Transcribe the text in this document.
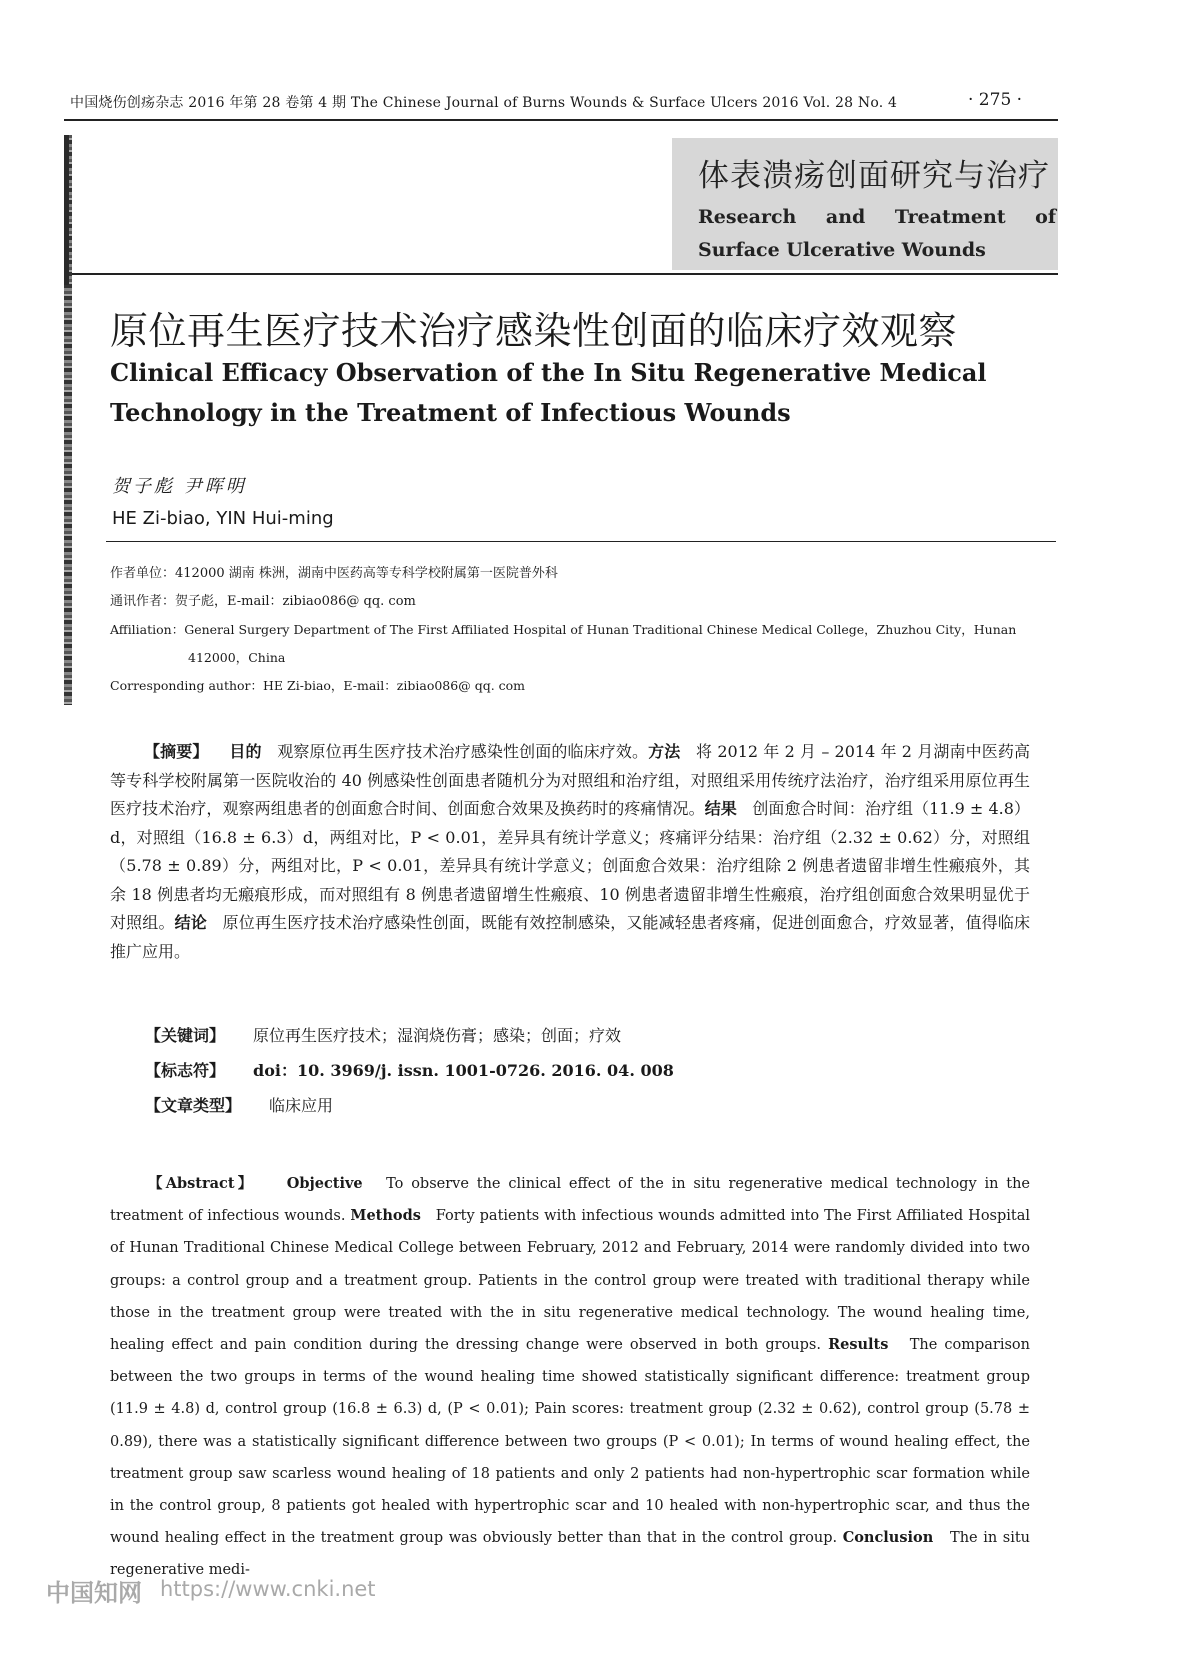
中国烧伤创疡杂志 2016 年第 28 卷第 4 期 The Chinese Journal of Burns Wounds & Surface Ulcers 2016 Vol. 28 No. 4	· 275 ·
体表溃疡创面研究与治疗
Research and Treatment of Surface Ulcerative Wounds
原位再生医疗技术治疗感染性创面的临床疗效观察
Clinical Efficacy Observation of the In Situ Regenerative Medical Technology in the Treatment of Infectious Wounds
贺子彪 尹晖明
HE Zi-biao, YIN Hui-ming
作者单位：412000 湖南 株洲，湖南中医药高等专科学校附属第一医院普外科
通讯作者：贺子彪，E-mail：zibiao086@ qq. com
Affiliation：General Surgery Department of The First Affiliated Hospital of Hunan Traditional Chinese Medical College，Zhuzhou City，Hunan
412000，China
Corresponding author：HE Zi-biao，E-mail：zibiao086@ qq. com
【摘要】 目的 观察原位再生医疗技术治疗感染性创面的临床疗效。方法 将 2012 年 2 月 – 2014 年 2 月湖南中医药高等专科学校附属第一医院收治的 40 例感染性创面患者随机分为对照组和治疗组，对照组采用传统疗法治疗，治疗组采用原位再生医疗技术治疗，观察两组患者的创面愈合时间、创面愈合效果及换药时的疼痛情况。结果 创面愈合时间：治疗组（11.9 ± 4.8）d，对照组（16.8 ± 6.3）d，两组对比，P < 0.01，差异具有统计学意义；疼痛评分结果：治疗组（2.32 ± 0.62）分，对照组（5.78 ± 0.89）分，两组对比，P < 0.01，差异具有统计学意义；创面愈合效果：治疗组除 2 例患者遗留非增生性瘢痕外，其余 18 例患者均无瘢痕形成，而对照组有 8 例患者遗留增生性瘢痕、10 例患者遗留非增生性瘢痕，治疗组创面愈合效果明显优于对照组。结论 原位再生医疗技术治疗感染性创面，既能有效控制感染，又能减轻患者疼痛，促进创面愈合，疗效显著，值得临床推广应用。
【关键词】 原位再生医疗技术；湿润烧伤膏；感染；创面；疗效
【标志符】 doi：10. 3969/j. issn. 1001-0726. 2016. 04. 008
【文章类型】 临床应用
【Abstract】 Objective To observe the clinical effect of the in situ regenerative medical technology in the treatment of infectious wounds. Methods Forty patients with infectious wounds admitted into The First Affiliated Hospital of Hunan Traditional Chinese Medical College between February, 2012 and February, 2014 were randomly divided into two groups: a control group and a treatment group. Patients in the control group were treated with traditional therapy while those in the treatment group were treated with the in situ regenerative medical technology. The wound healing time, healing effect and pain condition during the dressing change were observed in both groups. Results The comparison between the two groups in terms of the wound healing time showed statistically significant difference: treatment group (11.9 ± 4.8) d, control group (16.8 ± 6.3) d, (P < 0.01); Pain scores: treatment group (2.32 ± 0.62), control group (5.78 ± 0.89), there was a statistically significant difference between two groups (P < 0.01); In terms of wound healing effect, the treatment group saw scarless wound healing of 18 patients and only 2 patients had non-hypertrophic scar formation while in the control group, 8 patients got healed with hypertrophic scar and 10 healed with non-hypertrophic scar, and thus the wound healing effect in the treatment group was obviously better than that in the control group. Conclusion The in situ regenerative medi-
中国知网 https://www.cnki.net
